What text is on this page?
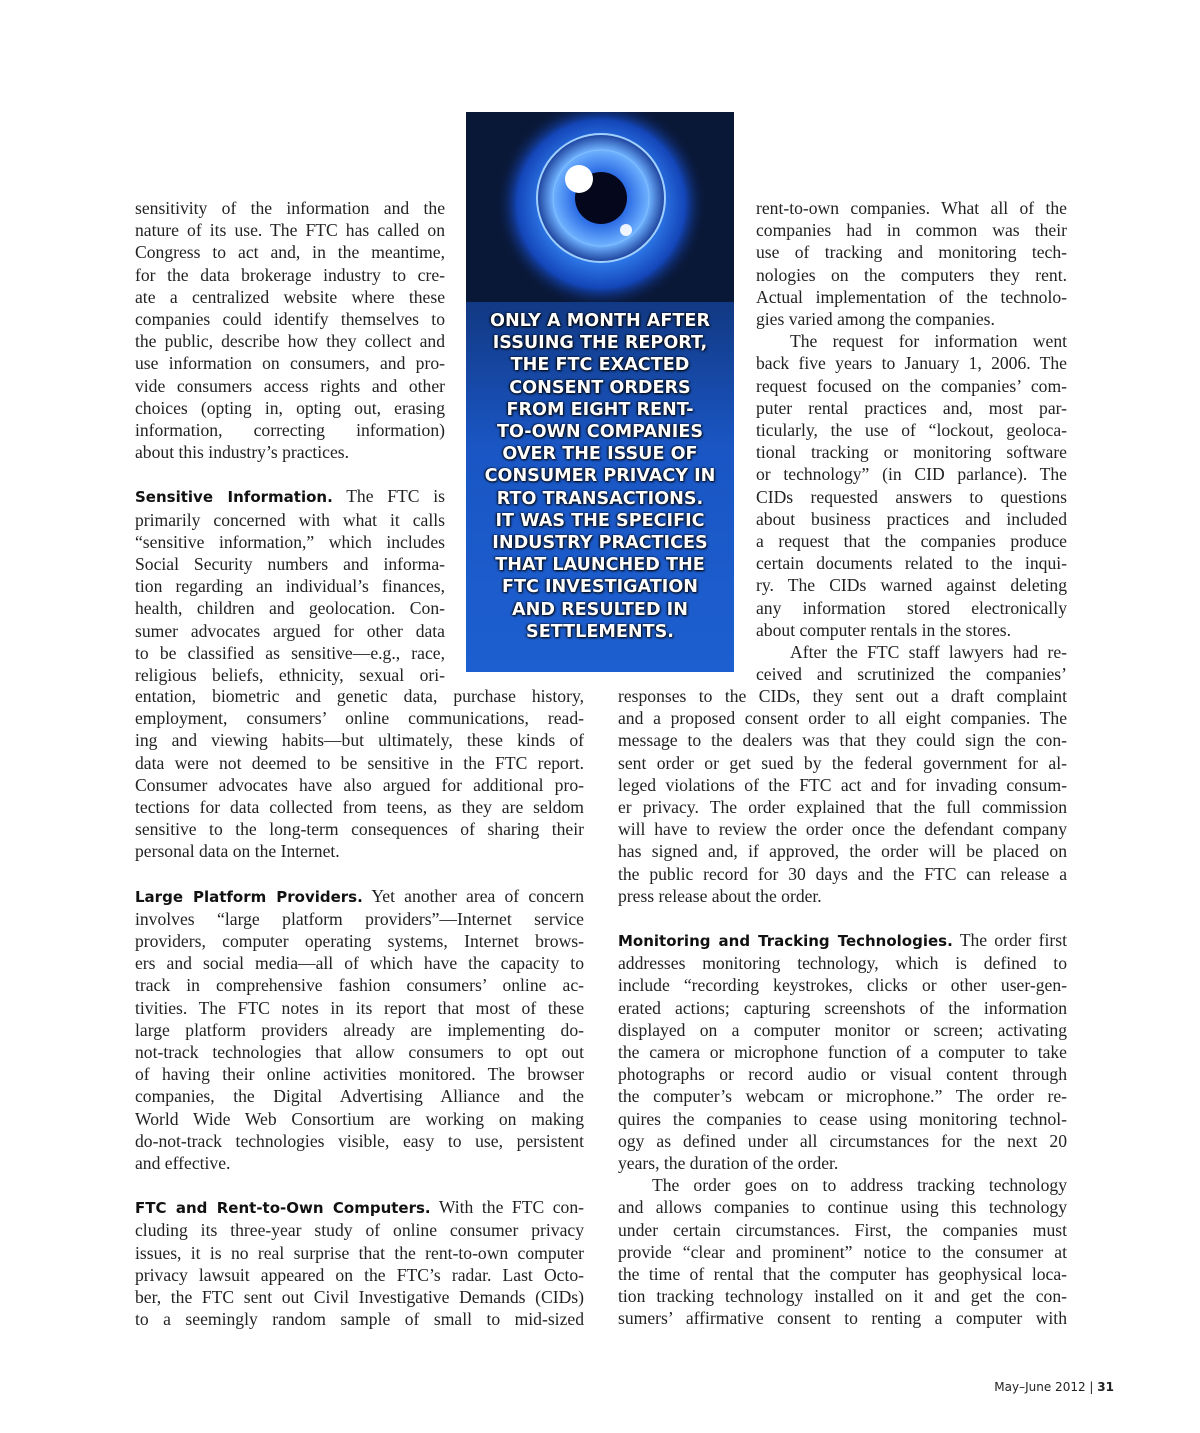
sensitivity of the information and the
nature of its use. The FTC has called on
Congress to act and, in the meantime,
for the data brokerage industry to cre-
ate a centralized website where these
companies could identify themselves to
the public, describe how they collect and
use information on consumers, and pro-
vide consumers access rights and other
choices (opting in, opting out, erasing
information, correcting information)
about this industry’s practices.
Sensitive Information. The FTC is
primarily concerned with what it calls
“sensitive information,” which includes
Social Security numbers and informa-
tion regarding an individual’s finances,
health, children and geolocation. Con-
sumer advocates argued for other data
to be classified as sensitive—e.g., race,
religious beliefs, ethnicity, sexual ori-
entation, biometric and genetic data, purchase history,
employment, consumers’ online communications, read-
ing and viewing habits—but ultimately, these kinds of
data were not deemed to be sensitive in the FTC report.
Consumer advocates have also argued for additional pro-
tections for data collected from teens, as they are seldom
sensitive to the long-term consequences of sharing their
personal data on the Internet.
Large Platform Providers. Yet another area of concern
involves “large platform providers”—Internet service
providers, computer operating systems, Internet brows-
ers and social media—all of which have the capacity to
track in comprehensive fashion consumers’ online ac-
tivities. The FTC notes in its report that most of these
large platform providers already are implementing do-
not-track technologies that allow consumers to opt out
of having their online activities monitored. The browser
companies, the Digital Advertising Alliance and the
World Wide Web Consortium are working on making
do-not-track technologies visible, easy to use, persistent
and effective.
FTC and Rent-to-Own Computers. With the FTC con-
cluding its three-year study of online consumer privacy
issues, it is no real surprise that the rent-to-own computer
privacy lawsuit appeared on the FTC’s radar. Last Octo-
ber, the FTC sent out Civil Investigative Demands (CIDs)
to a seemingly random sample of small to mid-sized
rent-to-own companies. What all of the
companies had in common was their
use of tracking and monitoring tech-
nologies on the computers they rent.
Actual implementation of the technolo-
gies varied among the companies.
The request for information went
back five years to January 1, 2006. The
request focused on the companies’ com-
puter rental practices and, most par-
ticularly, the use of “lockout, geoloca-
tional tracking or monitoring software
or technology” (in CID parlance). The
CIDs requested answers to questions
about business practices and included
a request that the companies produce
certain documents related to the inqui-
ry. The CIDs warned against deleting
any information stored electronically
about computer rentals in the stores.
After the FTC staff lawyers had re-
ceived and scrutinized the companies’
responses to the CIDs, they sent out a draft complaint
and a proposed consent order to all eight companies. The
message to the dealers was that they could sign the con-
sent order or get sued by the federal government for al-
leged violations of the FTC act and for invading consum-
er privacy. The order explained that the full commission
will have to review the order once the defendant company
has signed and, if approved, the order will be placed on
the public record for 30 days and the FTC can release a
press release about the order.
Monitoring and Tracking Technologies. The order first
addresses monitoring technology, which is defined to
include “recording keystrokes, clicks or other user-gen-
erated actions; capturing screenshots of the information
displayed on a computer monitor or screen; activating
the camera or microphone function of a computer to take
photographs or record audio or visual content through
the computer’s webcam or microphone.” The order re-
quires the companies to cease using monitoring technol-
ogy as defined under all circumstances for the next 20
years, the duration of the order.
The order goes on to address tracking technology
and allows companies to continue using this technology
under certain circumstances. First, the companies must
provide “clear and prominent” notice to the consumer at
the time of rental that the computer has geophysical loca-
tion tracking technology installed on it and get the con-
sumers’ affirmative consent to renting a computer with
ONLY A MONTH AFTER
ISSUING THE REPORT,
THE FTC EXACTED
CONSENT ORDERS
FROM EIGHT RENT-
TO-OWN COMPANIES
OVER THE ISSUE OF
CONSUMER PRIVACY IN
RTO TRANSACTIONS.
IT WAS THE SPECIFIC
INDUSTRY PRACTICES
THAT LAUNCHED THE
FTC INVESTIGATION
AND RESULTED IN
SETTLEMENTS.
May–June 2012 | 31
